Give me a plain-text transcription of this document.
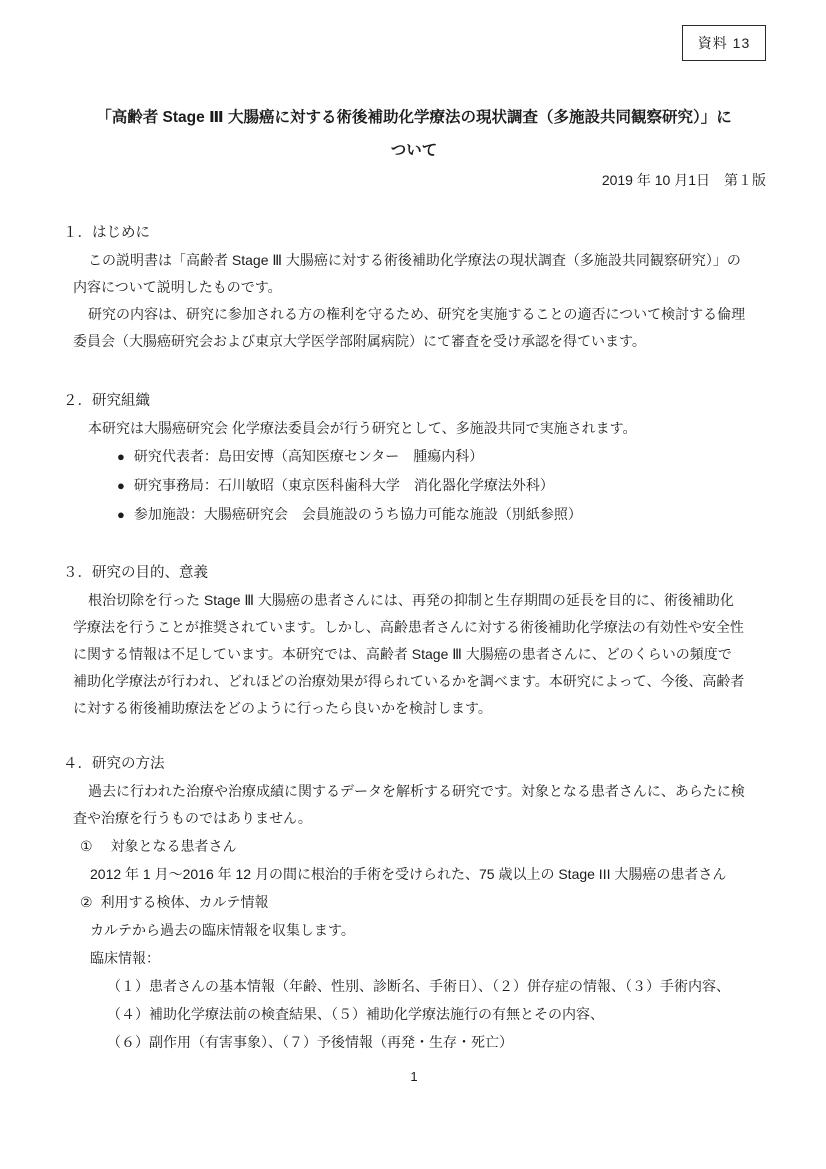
資料 13
「高齢者 Stage Ⅲ 大腸癌に対する術後補助化学療法の現状調査（多施設共同観察研究）」に
ついて
2019 年 10 月1日　第１版
１．はじめに
この説明書は「高齢者 Stage Ⅲ 大腸癌に対する術後補助化学療法の現状調査（多施設共同観察研究）」の
内容について説明したものです。
研究の内容は、研究に参加される方の権利を守るため、研究を実施することの適否について検討する倫理
委員会（大腸癌研究会および東京大学医学部附属病院）にて審査を受け承認を得ています。
２．研究組織
本研究は大腸癌研究会 化学療法委員会が行う研究として、多施設共同で実施されます。
● 研究代表者：島田安博（高知医療センター　腫瘍内科）
● 研究事務局：石川敏昭（東京医科歯科大学　消化器化学療法外科）
● 参加施設：大腸癌研究会　会員施設のうち協力可能な施設（別紙参照）
３．研究の目的、意義
根治切除を行った Stage Ⅲ 大腸癌の患者さんには、再発の抑制と生存期間の延長を目的に、術後補助化
学療法を行うことが推奨されています。しかし、高齢患者さんに対する術後補助化学療法の有効性や安全性
に関する情報は不足しています。本研究では、高齢者 Stage Ⅲ 大腸癌の患者さんに、どのくらいの頻度で
補助化学療法が行われ、どれほどの治療効果が得られているかを調べます。本研究によって、今後、高齢者
に対する術後補助療法をどのように行ったら良いかを検討します。
４．研究の方法
過去に行われた治療や治療成績に関するデータを解析する研究です。対象となる患者さんに、あらたに検
査や治療を行うものではありません。
① 対象となる患者さん
2012 年 1 月～2016 年 12 月の間に根治的手術を受けられた、75 歳以上の Stage III 大腸癌の患者さん
② 利用する検体、カルテ情報
カルテから過去の臨床情報を収集します。
臨床情報：
（１）患者さんの基本情報（年齢、性別、診断名、手術日）、（２）併存症の情報、（３）手術内容、
（４）補助化学療法前の検査結果、（５）補助化学療法施行の有無とその内容、
（６）副作用（有害事象）、（７）予後情報（再発・生存・死亡）
1
